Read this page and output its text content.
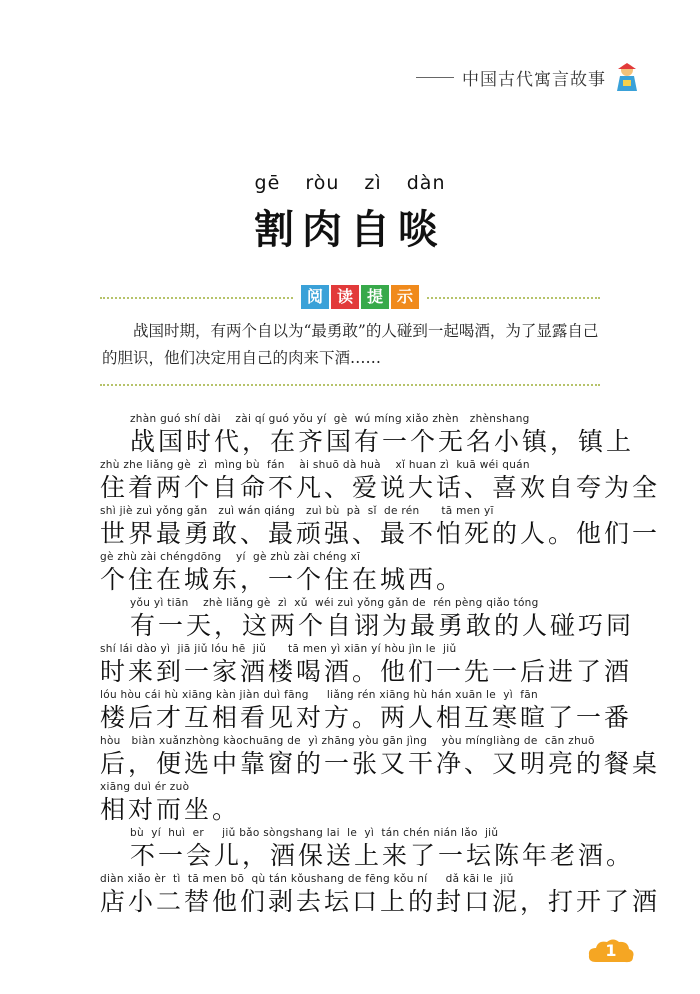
中国古代寓言故事
gē ròu zì dàn
割肉自啖
阅 读 提 示
战国时期，有两个自以为“最勇敢”的人碰到一起喝酒，为了显露自己的胆识，他们决定用自己的肉来下酒……
zhàn guó shí dài    zài qí guó yǒu yí  gè  wú míng xiǎo zhèn   zhènshang
战国时代，在齐国有一个无名小镇，镇上
zhù zhe liǎng gè  zì  mìng bù  fán    ài shuō dà huà    xǐ huan zì  kuā wéi quán
住着两个自命不凡、爱说大话、喜欢自夸为全
shì jiè zuì yǒng gǎn   zuì wán qiáng   zuì bù  pà  sǐ  de rén      tā men yī
世界最勇敢、最顽强、最不怕死的人。他们一
gè zhù zài chéngdōng    yí  gè zhù zài chéng xī
个住在城东，一个住在城西。
yǒu yì tiān    zhè liǎng gè  zì  xǔ  wéi zuì yǒng gǎn de  rén pèng qiǎo tóng
有一天，这两个自诩为最勇敢的人碰巧同
shí lái dào yì  jiā jiǔ lóu hē  jiǔ      tā men yì xiān yí hòu jìn le  jiǔ
时来到一家酒楼喝酒。他们一先一后进了酒
lóu hòu cái hù xiāng kàn jiàn duì fāng     liǎng rén xiāng hù hán xuān le  yì  fān
楼后才互相看见对方。两人相互寒暄了一番
hòu   biàn xuǎnzhòng kàochuāng de  yì zhāng yòu gān jìng    yòu míngliàng de  cān zhuō
后，便选中靠窗的一张又干净、又明亮的餐桌
xiāng duì ér zuò
相对而坐。
bù  yí  huì  er     jiǔ bǎo sòngshang lai  le  yì  tán chén nián lǎo  jiǔ
不一会儿，酒保送上来了一坛陈年老酒。
diàn xiǎo èr  tì  tā men bō  qù tán kǒushang de fēng kǒu ní     dǎ kāi le  jiǔ
店小二替他们剥去坛口上的封口泥，打开了酒
1
